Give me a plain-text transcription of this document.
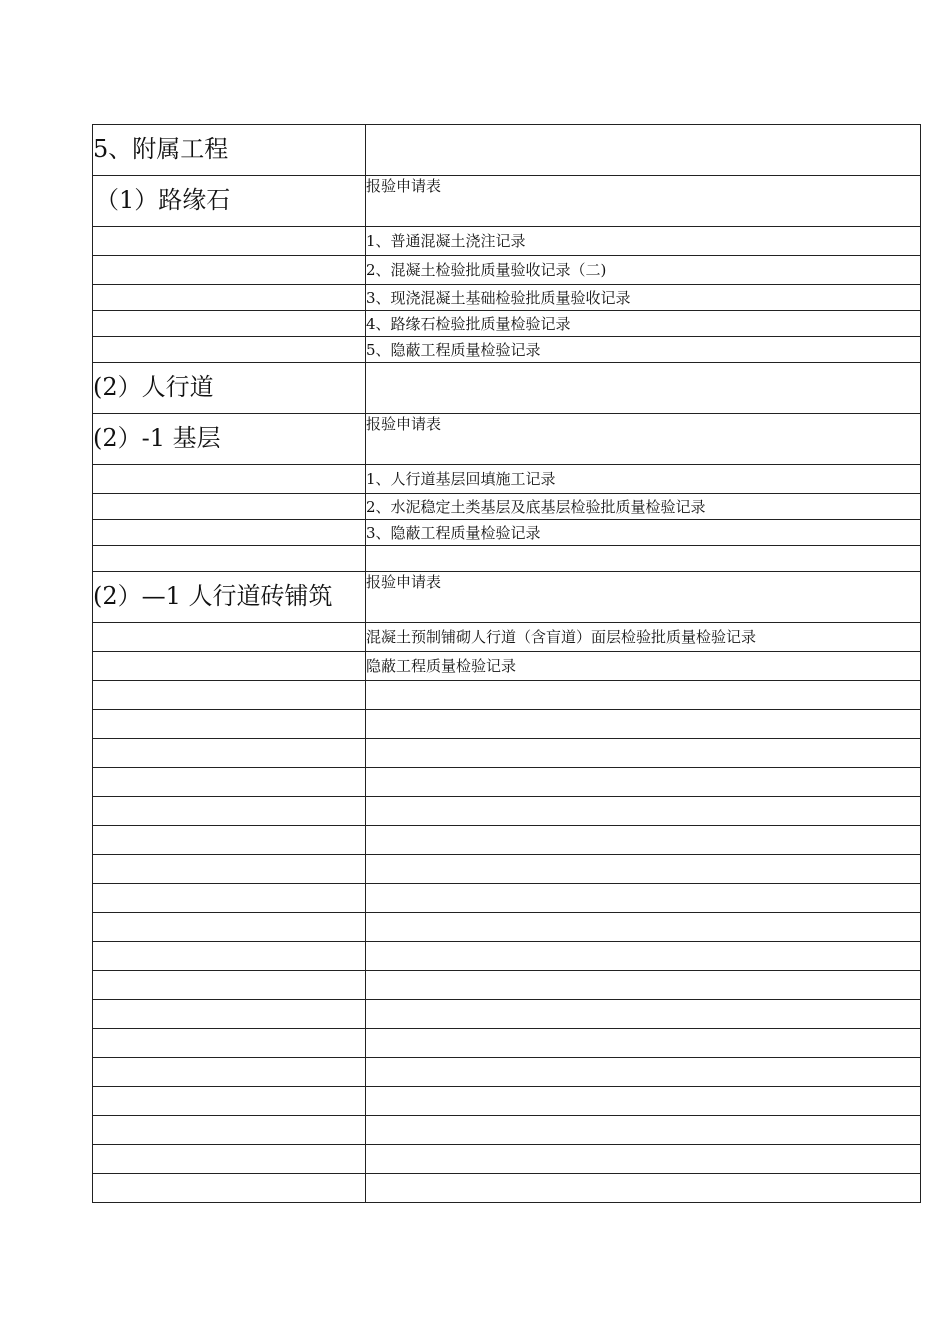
5、附属工程	
（1）路缘石	报验申请表
	1、普通混凝土浇注记录
	2、混凝土检验批质量验收记录（二)
	3、现浇混凝土基础检验批质量验收记录
	4、路缘石检验批质量检验记录
	5、隐蔽工程质量检验记录
(2）人行道	
(2）-1 基层	报验申请表
	1、人行道基层回填施工记录
	2、水泥稳定土类基层及底基层检验批质量检验记录
	3、隐蔽工程质量检验记录

(2）—1 人行道砖铺筑	报验申请表
	混凝土预制铺砌人行道（含盲道）面层检验批质量检验记录
	隐蔽工程质量检验记录
